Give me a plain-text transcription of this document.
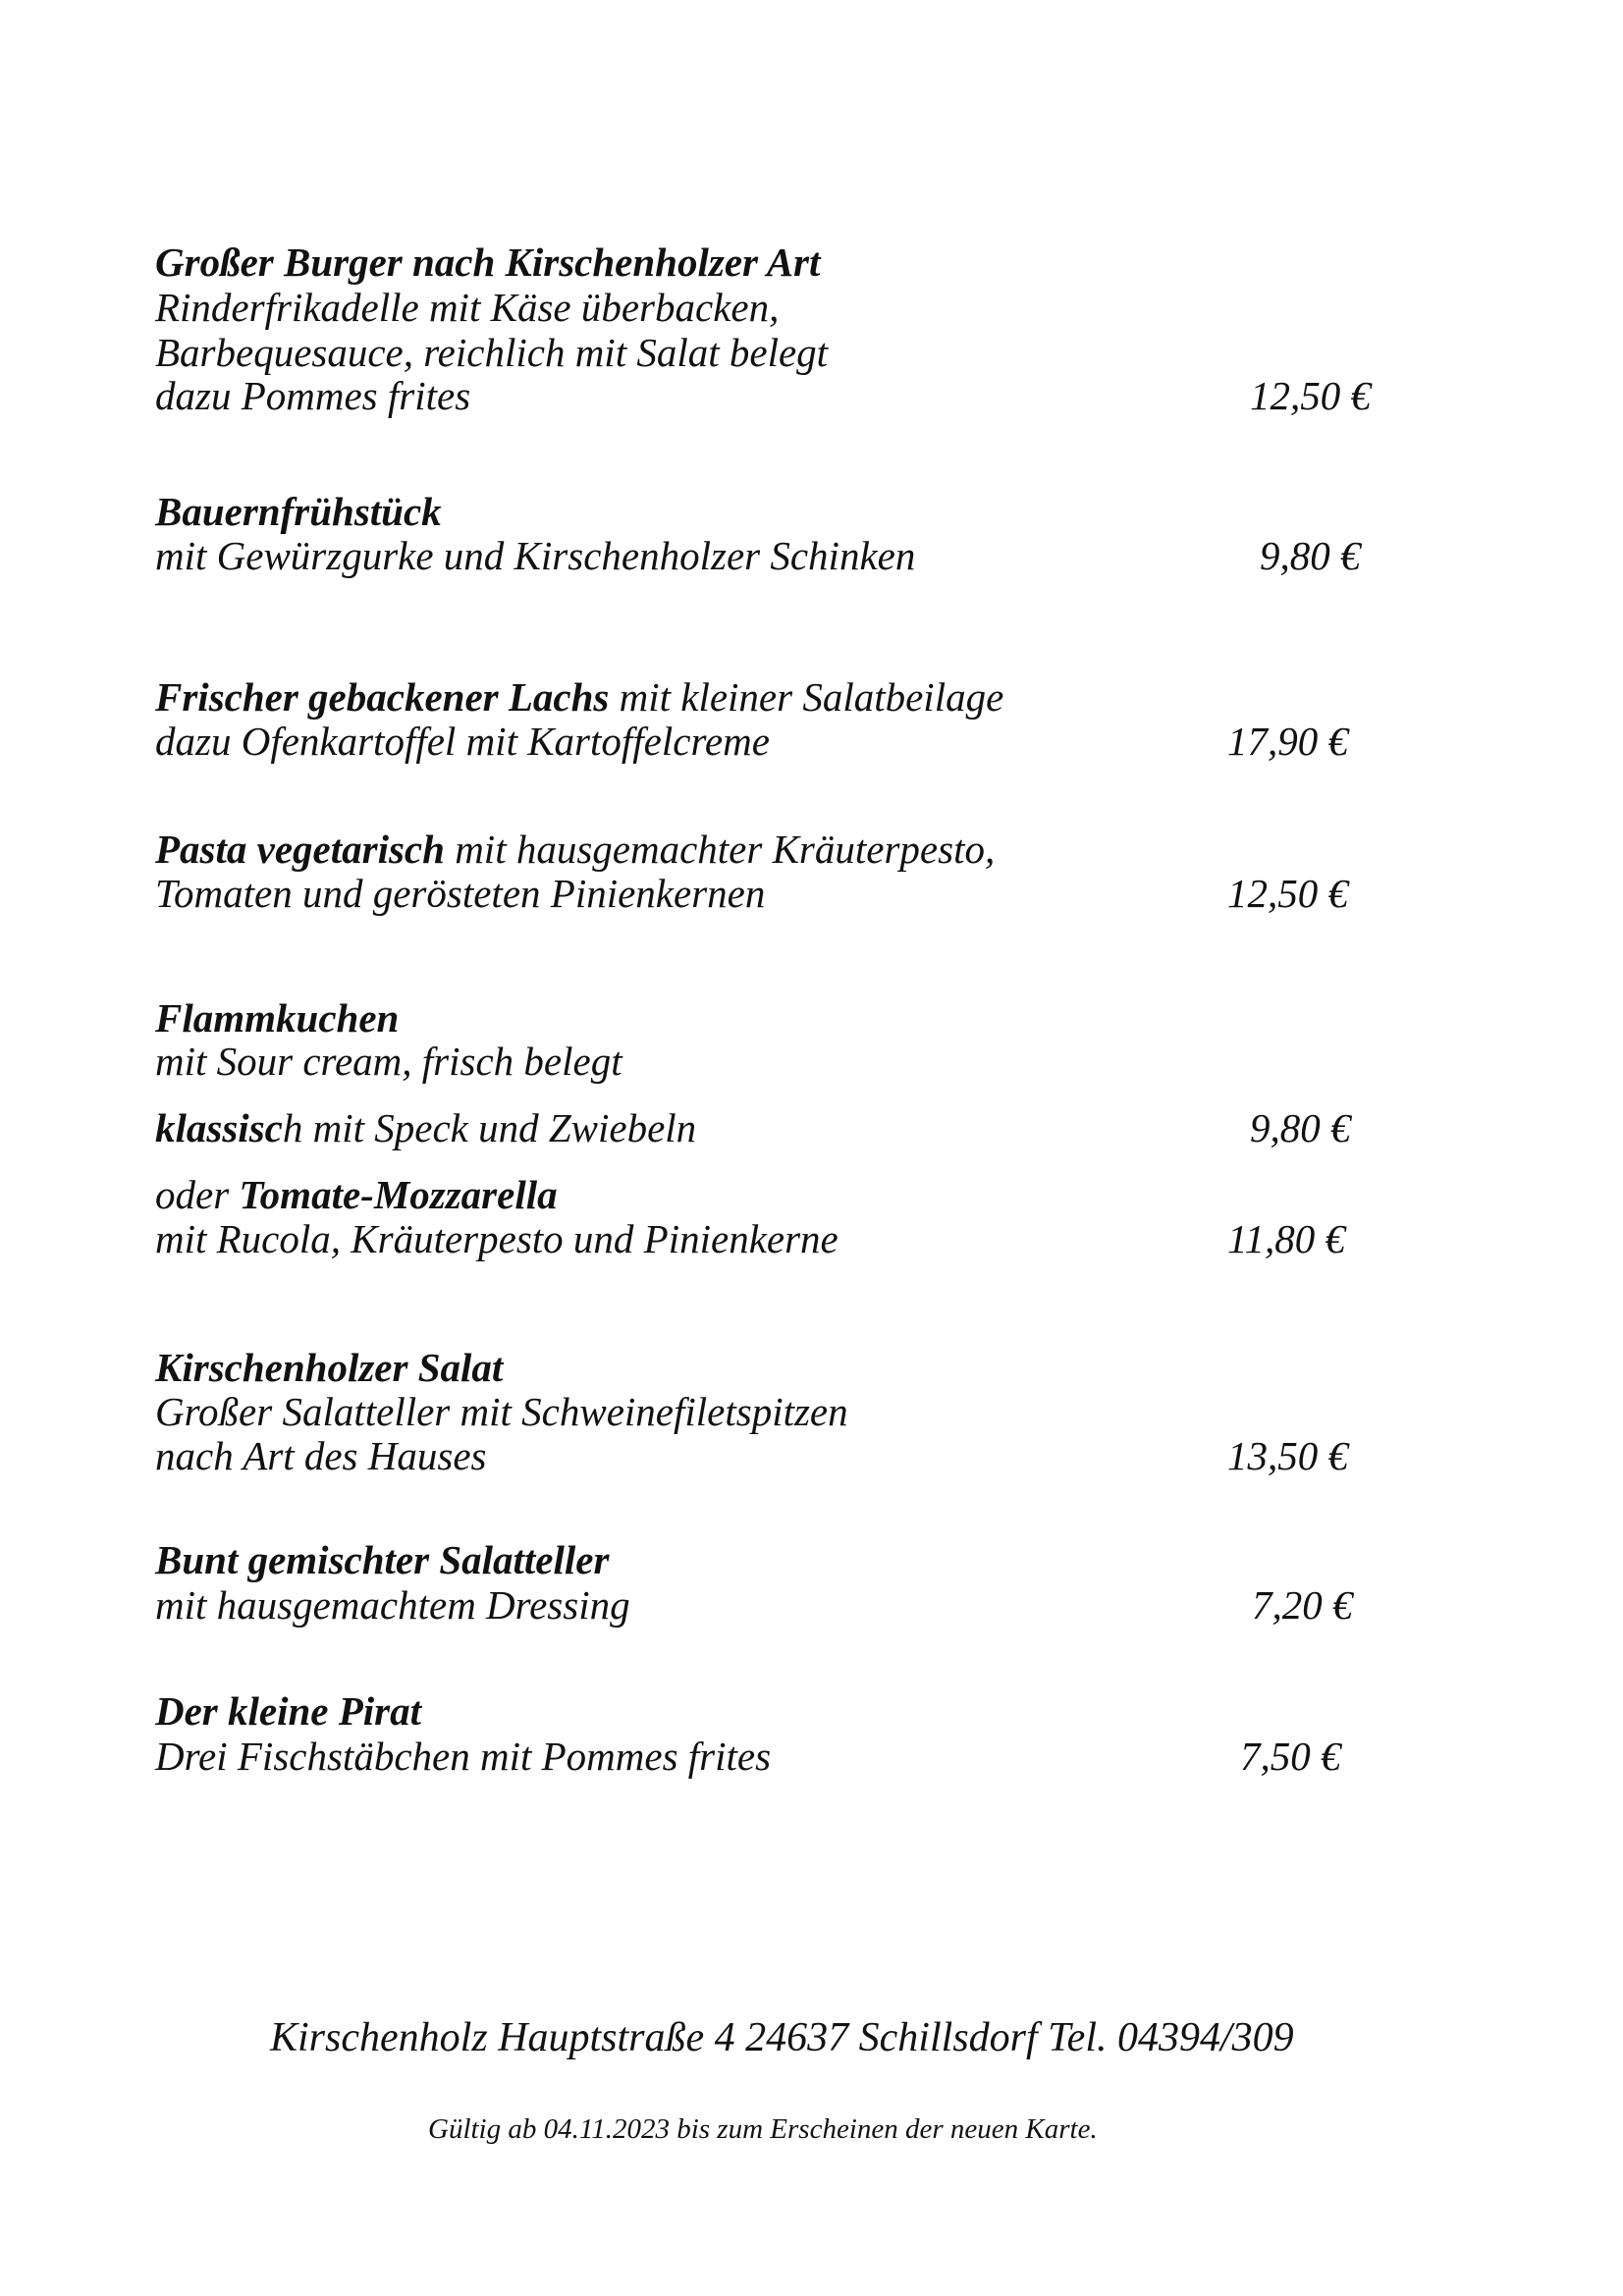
Großer Burger nach Kirschenholzer Art
Rinderfrikadelle mit Käse überbacken,
Barbequesauce, reichlich mit Salat belegt
dazu Pommes frites	12,50 €
Bauernfrühstück
mit Gewürzgurke und Kirschenholzer Schinken	9,80 €
Frischer gebackener Lachs mit kleiner Salatbeilage
dazu Ofenkartoffel mit Kartoffelcreme	17,90 €
Pasta vegetarisch mit hausgemachter Kräuterpesto,
Tomaten und gerösteten Pinienkernen	12,50 €
Flammkuchen
mit Sour cream, frisch belegt
klassisch mit Speck und Zwiebeln	9,80 €
oder Tomate-Mozzarella
mit Rucola, Kräuterpesto und Pinienkerne	11,80 €
Kirschenholzer Salat
Großer Salatteller mit Schweinefiletspitzen
nach Art des Hauses	13,50 €
Bunt gemischter Salatteller
mit hausgemachtem Dressing	7,20 €
Der kleine Pirat
Drei Fischstäbchen mit Pommes frites	7,50 €
Kirschenholz Hauptstraße 4 24637 Schillsdorf Tel. 04394/309
Gültig ab 04.11.2023 bis zum Erscheinen der neuen Karte.
